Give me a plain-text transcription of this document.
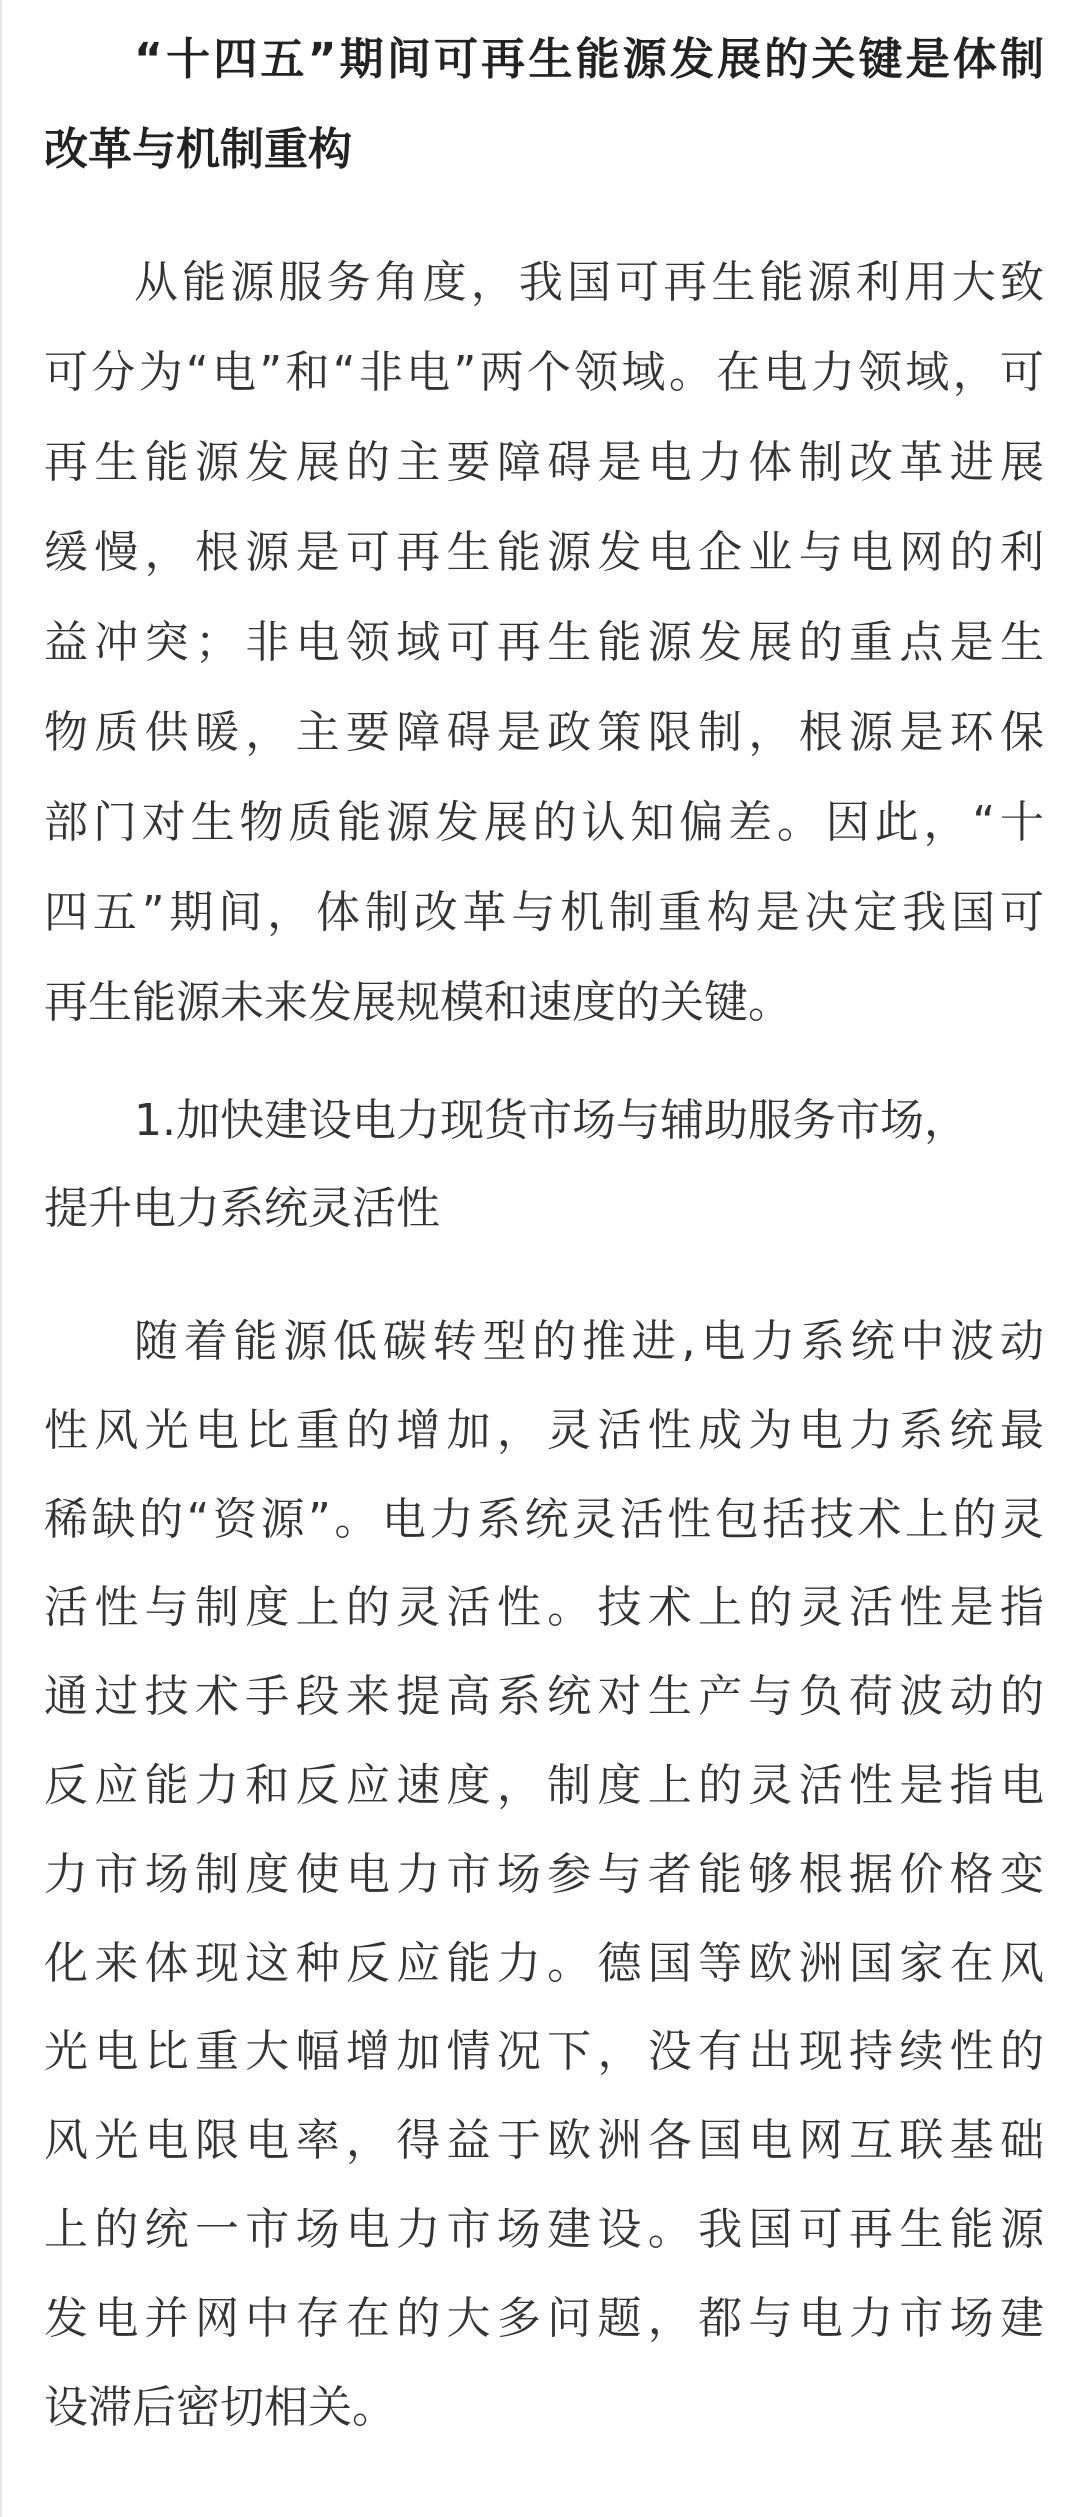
“十四五”期间可再生能源发展的关键是体制
改革与机制重构
从能源服务角度，我国可再生能源利用大致
可分为“电”和“非电”两个领域。在电力领域，可
再生能源发展的主要障碍是电力体制改革进展
缓慢，根源是可再生能源发电企业与电网的利
益冲突；非电领域可再生能源发展的重点是生
物质供暖，主要障碍是政策限制，根源是环保
部门对生物质能源发展的认知偏差。因此，“十
四五”期间，体制改革与机制重构是决定我国可
再生能源未来发展规模和速度的关键。
1.加快建设电力现货市场与辅助服务市场，
提升电力系统灵活性
随着能源低碳转型的推进,电力系统中波动
性风光电比重的增加，灵活性成为电力系统最
稀缺的“资源”。电力系统灵活性包括技术上的灵
活性与制度上的灵活性。技术上的灵活性是指
通过技术手段来提高系统对生产与负荷波动的
反应能力和反应速度，制度上的灵活性是指电
力市场制度使电力市场参与者能够根据价格变
化来体现这种反应能力。德国等欧洲国家在风
光电比重大幅增加情况下，没有出现持续性的
风光电限电率，得益于欧洲各国电网互联基础
上的统一市场电力市场建设。我国可再生能源
发电并网中存在的大多问题，都与电力市场建
设滞后密切相关。
